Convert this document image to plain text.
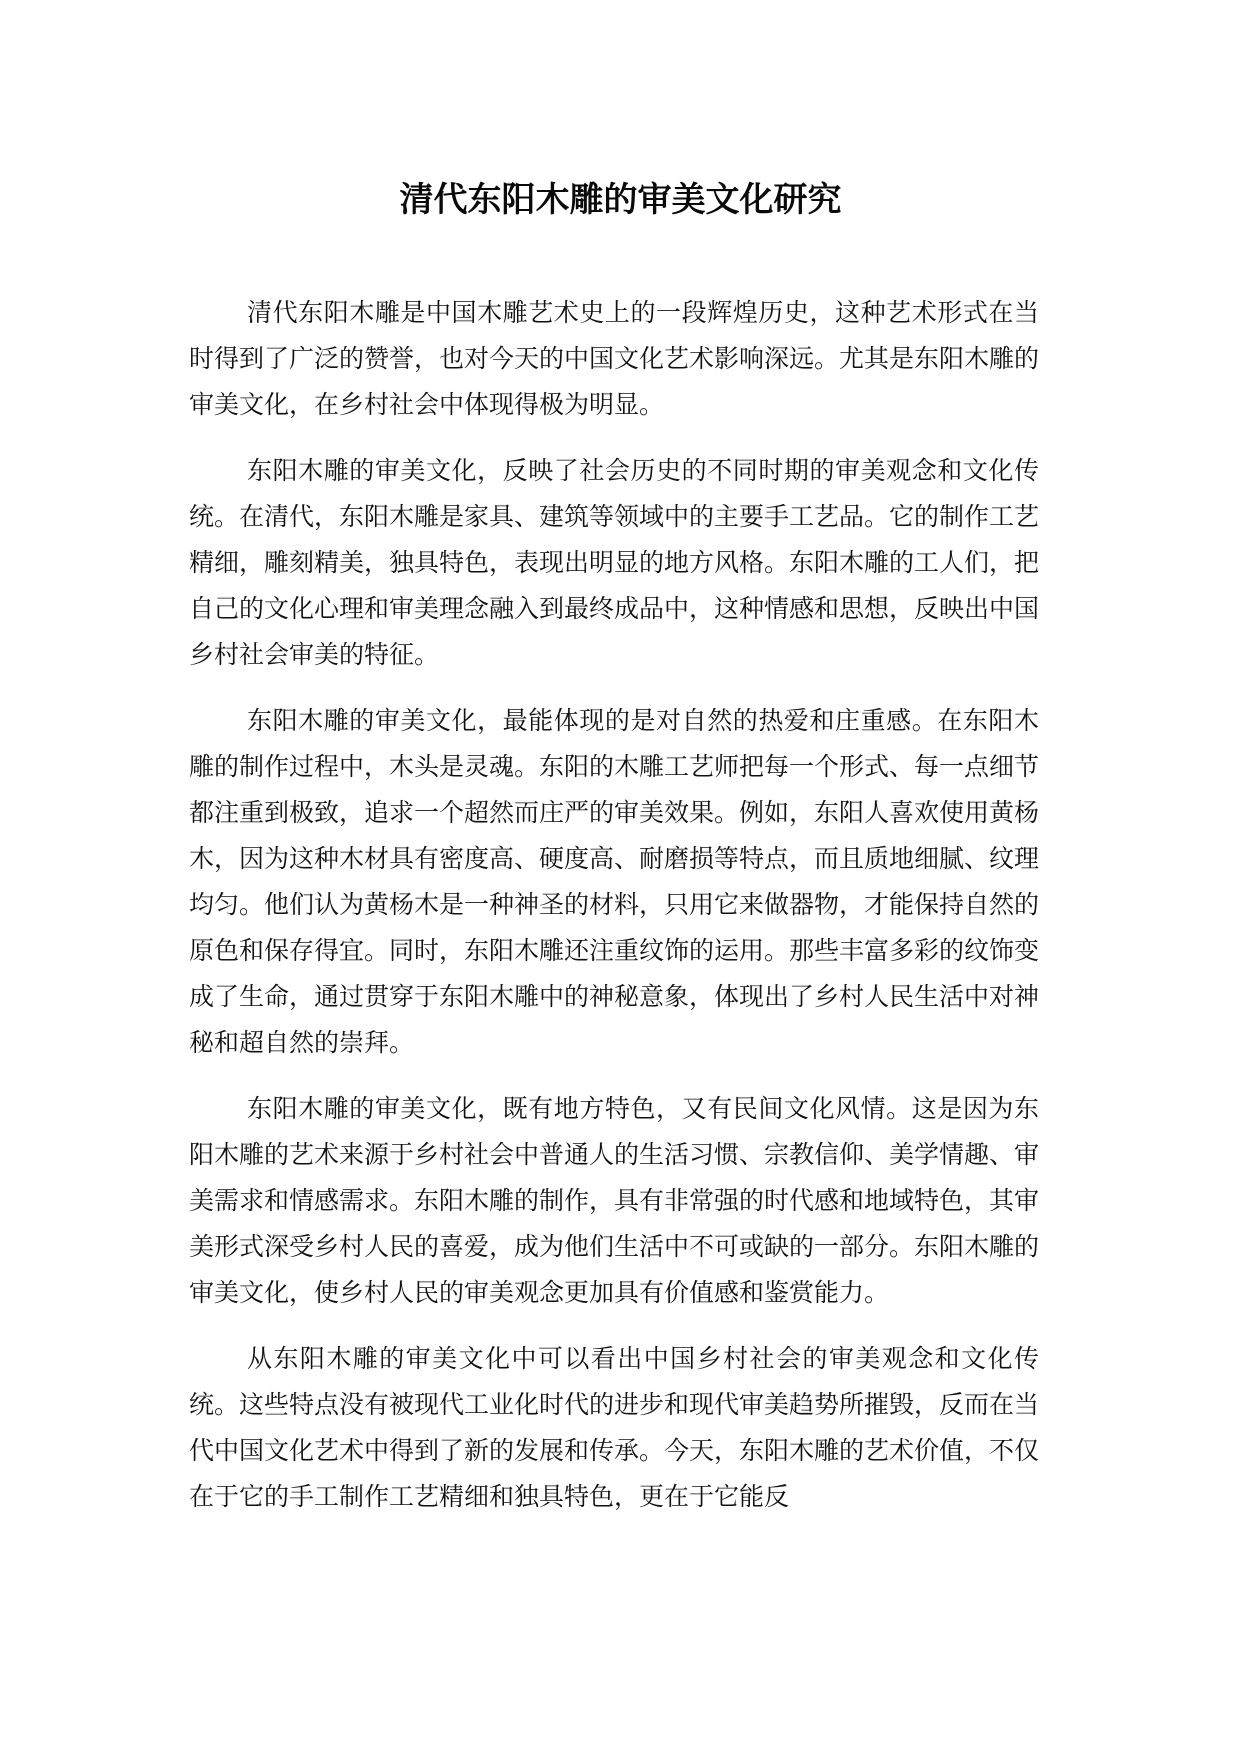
清代东阳木雕的审美文化研究

清代东阳木雕是中国木雕艺术史上的一段辉煌历史，这种艺术形式在当时得到了广泛的赞誉，也对今天的中国文化艺术影响深远。尤其是东阳木雕的审美文化，在乡村社会中体现得极为明显。

东阳木雕的审美文化，反映了社会历史的不同时期的审美观念和文化传统。在清代，东阳木雕是家具、建筑等领域中的主要手工艺品。它的制作工艺精细，雕刻精美，独具特色，表现出明显的地方风格。东阳木雕的工人们，把自己的文化心理和审美理念融入到最终成品中，这种情感和思想，反映出中国乡村社会审美的特征。

东阳木雕的审美文化，最能体现的是对自然的热爱和庄重感。在东阳木雕的制作过程中，木头是灵魂。东阳的木雕工艺师把每一个形式、每一点细节都注重到极致，追求一个超然而庄严的审美效果。例如，东阳人喜欢使用黄杨木，因为这种木材具有密度高、硬度高、耐磨损等特点，而且质地细腻、纹理均匀。他们认为黄杨木是一种神圣的材料，只用它来做器物，才能保持自然的原色和保存得宜。同时，东阳木雕还注重纹饰的运用。那些丰富多彩的纹饰变成了生命，通过贯穿于东阳木雕中的神秘意象，体现出了乡村人民生活中对神秘和超自然的崇拜。

东阳木雕的审美文化，既有地方特色，又有民间文化风情。这是因为东阳木雕的艺术来源于乡村社会中普通人的生活习惯、宗教信仰、美学情趣、审美需求和情感需求。东阳木雕的制作，具有非常强的时代感和地域特色，其审美形式深受乡村人民的喜爱，成为他们生活中不可或缺的一部分。东阳木雕的审美文化，使乡村人民的审美观念更加具有价值感和鉴赏能力。

从东阳木雕的审美文化中可以看出中国乡村社会的审美观念和文化传统。这些特点没有被现代工业化时代的进步和现代审美趋势所摧毁，反而在当代中国文化艺术中得到了新的发展和传承。今天，东阳木雕的艺术价值，不仅在于它的手工制作工艺精细和独具特色，更在于它能反
